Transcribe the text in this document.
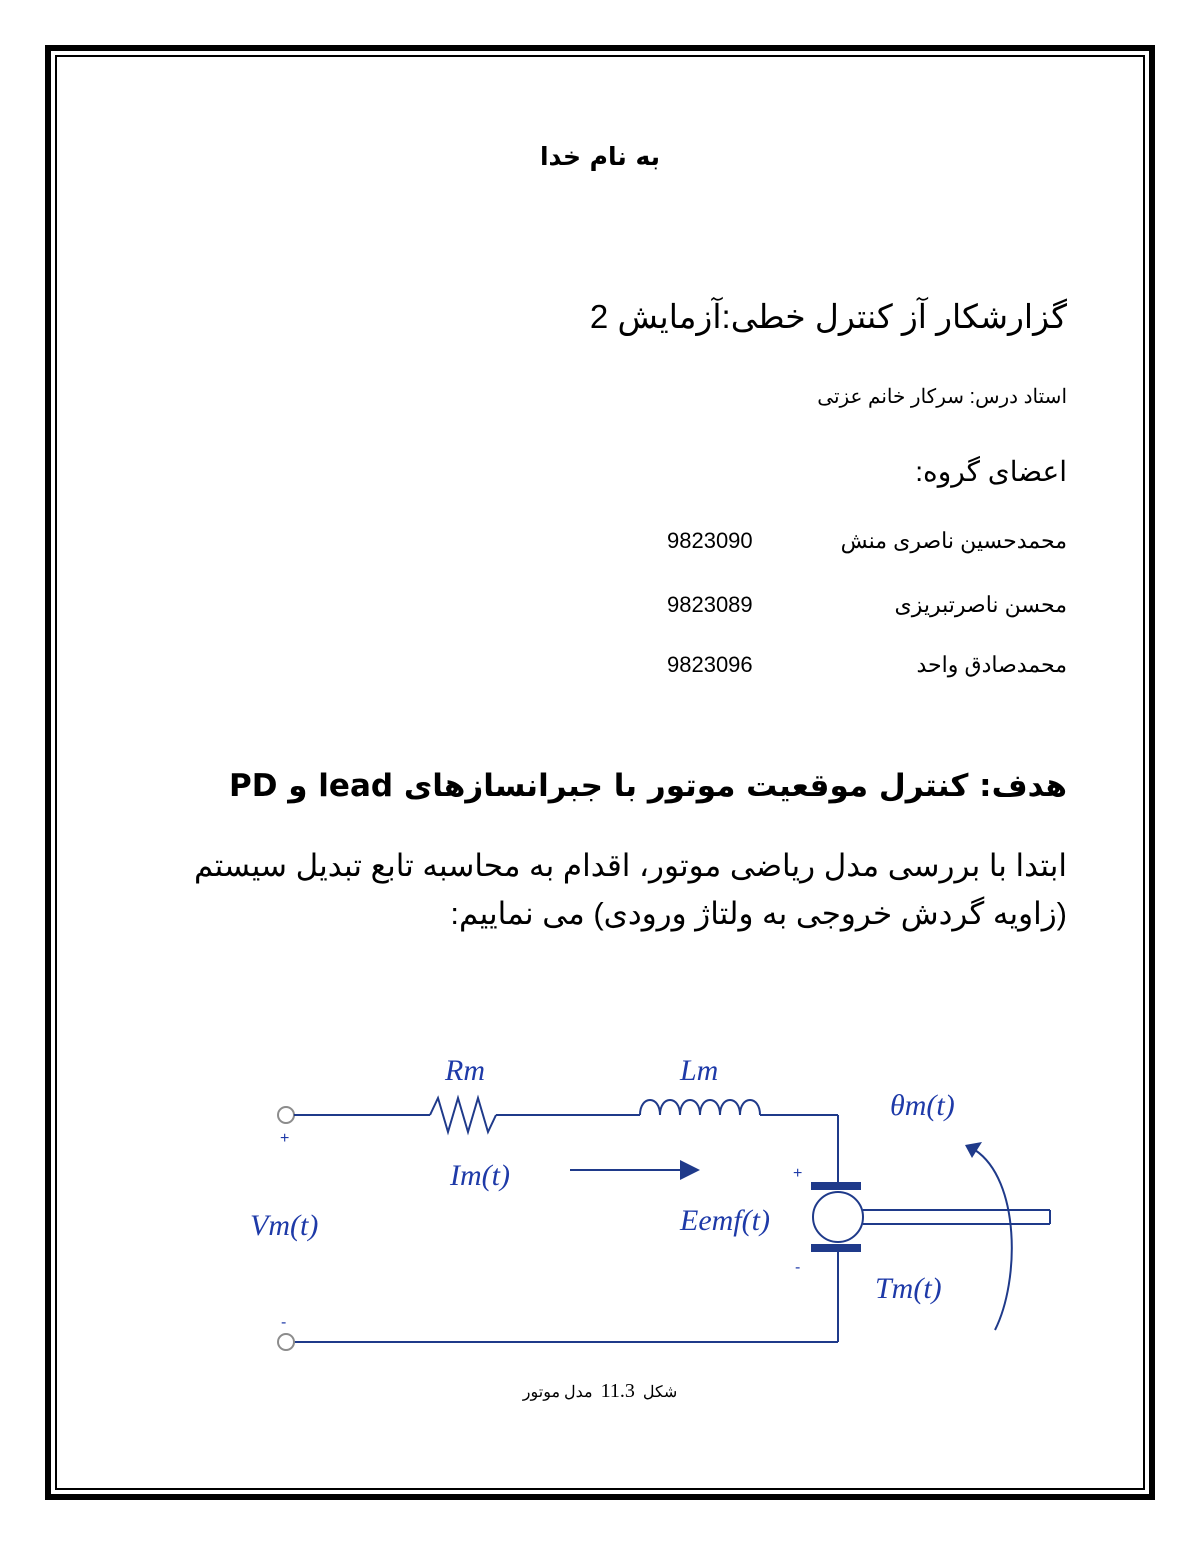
به نام خدا
گزارشکار آز کنترل خطی:آزمایش 2
استاد درس: سرکار خانم عزتی
اعضای گروه:
محمدحسین ناصری منش
9823090
محسن ناصرتبریزی
9823089
محمدصادق واحد
9823096
هدف: کنترل موقعیت موتور با جبرانسازهای lead و PD
ابتدا با بررسی مدل ریاضی موتور، اقدام به محاسبه تابع تبدیل سیستم
(زاویه گردش خروجی به ولتاژ ورودی) می نماییم:
Rm	Lm
Im(t)
Vm(t)	Eemf(t)
θm(t)
Tm(t)
+
-
+
-
شکل 11.3 مدل موتور
